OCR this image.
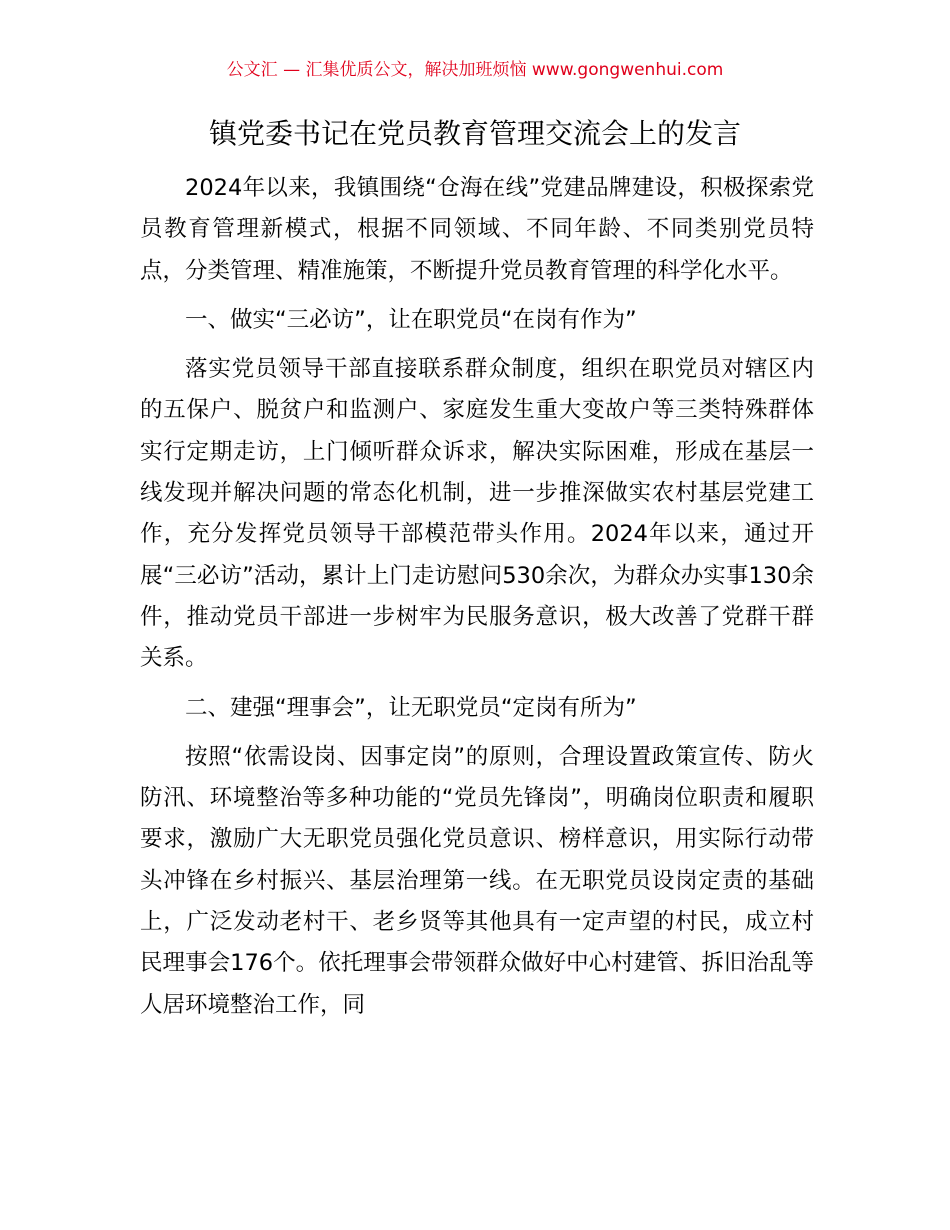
公文汇 — 汇集优质公文，解决加班烦恼 www.gongwenhui.com
镇党委书记在党员教育管理交流会上的发言

2024年以来，我镇围绕“仓海在线”党建品牌建设，积极探索党员教育管理新模式，根据不同领域、不同年龄、不同类别党员特点，分类管理、精准施策，不断提升党员教育管理的科学化水平。

一、做实“三必访”，让在职党员“在岗有作为”

落实党员领导干部直接联系群众制度，组织在职党员对辖区内的五保户、脱贫户和监测户、家庭发生重大变故户等三类特殊群体实行定期走访，上门倾听群众诉求，解决实际困难，形成在基层一线发现并解决问题的常态化机制，进一步推深做实农村基层党建工作，充分发挥党员领导干部模范带头作用。2024年以来，通过开展“三必访”活动，累计上门走访慰问530余次，为群众办实事130余件，推动党员干部进一步树牢为民服务意识，极大改善了党群干群关系。

二、建强“理事会”，让无职党员“定岗有所为”

按照“依需设岗、因事定岗”的原则，合理设置政策宣传、防火防汛、环境整治等多种功能的“党员先锋岗”，明确岗位职责和履职要求，激励广大无职党员强化党员意识、榜样意识，用实际行动带头冲锋在乡村振兴、基层治理第一线。在无职党员设岗定责的基础上，广泛发动老村干、老乡贤等其他具有一定声望的村民，成立村民理事会176个。依托理事会带领群众做好中心村建管、拆旧治乱等人居环境整治工作，同
